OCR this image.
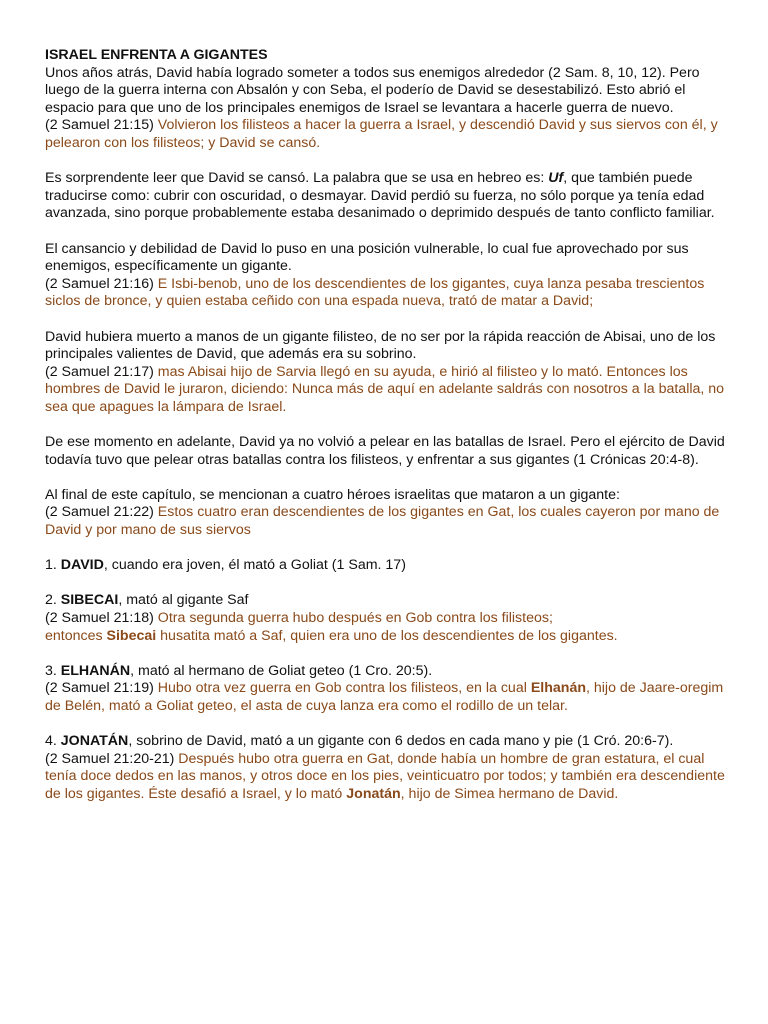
ISRAEL ENFRENTA A GIGANTES

Unos años atrás, David había logrado someter a todos sus enemigos alrededor (2 Sam. 8, 10, 12). Pero luego de la guerra interna con Absalón y con Seba, el poderío de David se desestabilizó. Esto abrió el espacio para que uno de los principales enemigos de Israel se levantara a hacerle guerra de nuevo.
(2 Samuel 21:15) Volvieron los filisteos a hacer la guerra a Israel, y descendió David y sus siervos con él, y pelearon con los filisteos; y David se cansó.

Es sorprendente leer que David se cansó. La palabra que se usa en hebreo es: Uf, que también puede traducirse como: cubrir con oscuridad, o desmayar. David perdió su fuerza, no sólo porque ya tenía edad avanzada, sino porque probablemente estaba desanimado o deprimido después de tanto conflicto familiar.

El cansancio y debilidad de David lo puso en una posición vulnerable, lo cual fue aprovechado por sus enemigos, específicamente un gigante.
(2 Samuel 21:16) E Isbi-benob, uno de los descendientes de los gigantes, cuya lanza pesaba trescientos siclos de bronce, y quien estaba ceñido con una espada nueva, trató de matar a David;

David hubiera muerto a manos de un gigante filisteo, de no ser por la rápida reacción de Abisai, uno de los principales valientes de David, que además era su sobrino.
(2 Samuel 21:17) mas Abisai hijo de Sarvia llegó en su ayuda, e hirió al filisteo y lo mató. Entonces los hombres de David le juraron, diciendo: Nunca más de aquí en adelante saldrás con nosotros a la batalla, no sea que apagues la lámpara de Israel.

De ese momento en adelante, David ya no volvió a pelear en las batallas de Israel. Pero el ejército de David todavía tuvo que pelear otras batallas contra los filisteos, y enfrentar a sus gigantes (1 Crónicas 20:4-8).

Al final de este capítulo, se mencionan a cuatro héroes israelitas que mataron a un gigante:
(2 Samuel 21:22) Estos cuatro eran descendientes de los gigantes en Gat, los cuales cayeron por mano de David y por mano de sus siervos

1. DAVID, cuando era joven, él mató a Goliat (1 Sam. 17)

2. SIBECAI, mató al gigante Saf
(2 Samuel 21:18) Otra segunda guerra hubo después en Gob contra los filisteos;
entonces Sibecai husatita mató a Saf, quien era uno de los descendientes de los gigantes.

3. ELHANÁN, mató al hermano de Goliat geteo (1 Cro. 20:5).
(2 Samuel 21:19) Hubo otra vez guerra en Gob contra los filisteos, en la cual Elhanán, hijo de Jaare-oregim de Belén, mató a Goliat geteo, el asta de cuya lanza era como el rodillo de un telar.

4. JONATÁN, sobrino de David, mató a un gigante con 6 dedos en cada mano y pie (1 Cró. 20:6-7).
(2 Samuel 21:20-21) Después hubo otra guerra en Gat, donde había un hombre de gran estatura, el cual tenía doce dedos en las manos, y otros doce en los pies, veinticuatro por todos; y también era descendiente de los gigantes. Éste desafió a Israel, y lo mató Jonatán, hijo de Simea hermano de David.
